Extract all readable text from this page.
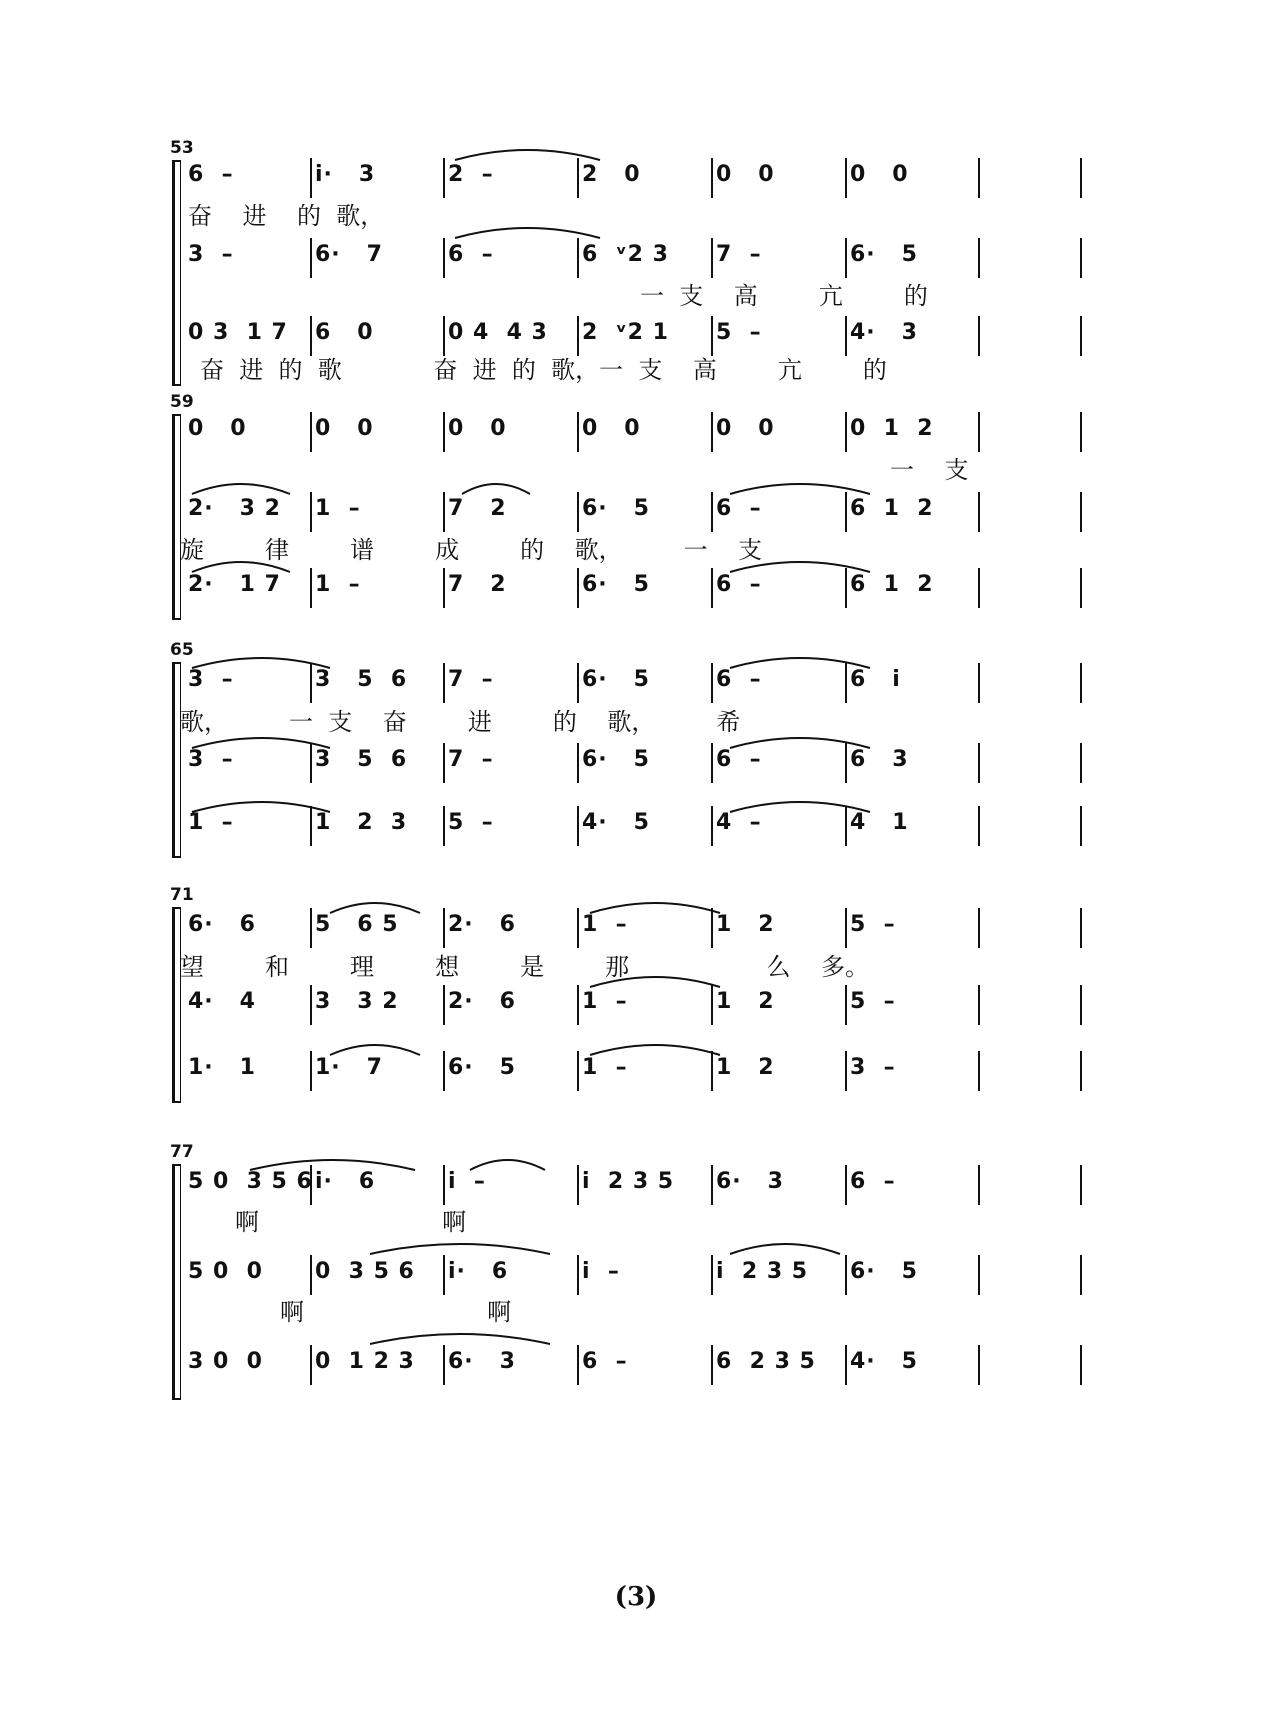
53
6  –	i·   3	2  –	2   0	0   0	0   0
3  –	6·   7	6  –	6  ᵛ2 3 7  –	6·   5
0 3  1 7 6   0	0 4  4 3 2  ᵛ2 1 5  –	4·   3
奋    进    的  歌，
一  支    高        亢        的
奋  进  的  歌            奋  进  的  歌，一  支    高        亢        的
59
0   0	0   0	0   0	0   0	0   0	0  1  2
2·   3 2 1  –	7   2	6·   5	6  –	6  1  2
2·   1 7 1  –	7   2	6·   5	6  –	6  1  2
一    支
旋        律        谱        成        的    歌，        一    支
65
3  –	3   5  6 7  –	6·   5	6  –	6   i
3  –	3   5  6 7  –	6·   5	6  –	6   3
1  –	1   2  3 5  –	4·   5	4  –	4   1
歌，        一  支    奋        进        的    歌，        希
71
6·   6	5   6 5 2·   6	1  –	1   2	5  –
4·   4	3   3 2 2·   6	1  –	1   2	5  –
1·   1	1·   7	6·   5	1  –	1   2	3  –
望        和        理        想        是        那                  么    多。
77
5 0  3 5 6 i·   6	i  –	i  2 3 5 6·   3	6  –
5 0  0 0  3 5 6 i·   6	i  –	i  2 3 5 6·   5
3 0  0 0  1 2 3 6·   3	6  –	6  2 3 5 4·   5
啊                        啊
啊                        啊
(3)
